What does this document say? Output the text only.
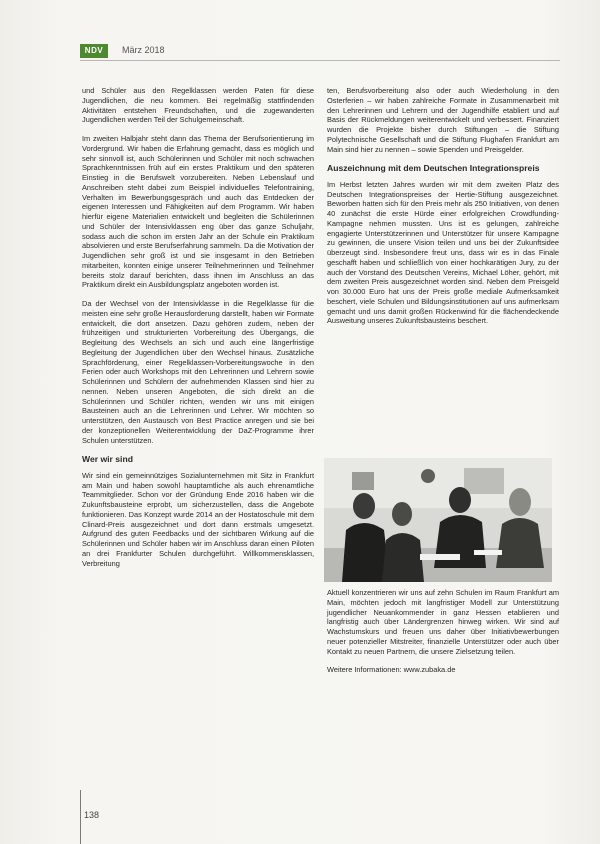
NDV	März 2018

und Schüler aus den Regelklassen werden Paten für diese Jugendlichen, die neu kommen. Bei regelmäßig stattfindenden Aktivitäten entstehen Freundschaften, und die zugewanderten Jugendlichen werden Teil der Schulgemeinschaft.

Im zweiten Halbjahr steht dann das Thema der Berufsorientierung im Vordergrund. Wir haben die Erfahrung gemacht, dass es möglich und sehr sinnvoll ist, auch Schülerinnen und Schüler mit noch schwachen Sprachkenntnissen früh auf ein erstes Praktikum und den späteren Einstieg in die Berufswelt vorzubereiten. Neben Lebenslauf und Anschreiben steht dabei zum Beispiel individuelles Telefontraining, Verhalten im Bewerbungsgespräch und auch das Entdecken der eigenen Interessen und Fähigkeiten auf dem Programm. Wir haben hierfür eigene Materialien entwickelt und begleiten die Schülerinnen und Schüler der Intensivklassen eng über das ganze Schuljahr, sodass auch die schon im ersten Jahr an der Schule ein Praktikum absolvieren und erste Berufserfahrung sammeln. Da die Motivation der Jugendlichen sehr groß ist und sie insgesamt in den Betrieben mitarbeiten, konnten einige unserer Teilnehmerinnen und Teilnehmer bereits stolz darauf berichten, dass ihnen im Anschluss an das Praktikum direkt ein Ausbildungsplatz angeboten worden ist.

Da der Wechsel von der Intensivklasse in die Regelklasse für die meisten eine sehr große Herausforderung darstellt, haben wir Formate entwickelt, die dort ansetzen. Dazu gehören zudem, neben der frühzeitigen und strukturierten Vorbereitung des Übergangs, die Begleitung des Wechsels an sich und auch eine längerfristige Begleitung der Jugendlichen über den Wechsel hinaus. Zusätzliche Sprachförderung, einer Regelklassen-Vorbereitungswoche in den Ferien oder auch Workshops mit den Lehrerinnen und Lehrern sowie Schülerinnen und Schülern der aufnehmenden Klassen sind hier zu nennen. Neben unseren Angeboten, die sich direkt an die Schülerinnen und Schüler richten, wenden wir uns mit einigen Bausteinen auch an die Lehrerinnen und Lehrer. Wir möchten so unterstützen, den Austausch von Best Practice anregen und sie bei der konzeptionellen Weiterentwicklung der DaZ-Programme ihrer Schulen unterstützen.

Wer wir sind

Wir sind ein gemeinnütziges Sozialunternehmen mit Sitz in Frankfurt am Main und haben sowohl hauptamtliche als auch ehrenamtliche Teammitglieder. Schon vor der Gründung Ende 2016 haben wir die Zukunftsbausteine erprobt, um sicherzustellen, dass die Angebote funktionieren. Das Konzept wurde 2014 an der Hostatoschule mit dem Clinard-Preis ausgezeichnet und dort dann erstmals umgesetzt. Aufgrund des guten Feedbacks und der sichtbaren Wirkung auf die Schülerinnen und Schüler haben wir im Anschluss daran einen Piloten an drei Frankfurter Schulen durchgeführt. Willkommensklassen, Verbreitung

ten, Berufsvorbereitung also oder auch Wiederholung in den Osterferien – wir haben zahlreiche Formate in Zusammenarbeit mit den Lehrerinnen und Lehrern und der Jugendhilfe etabliert und auf Basis der Rückmeldungen weiterentwickelt und verbessert. Finanziert wurden die Projekte bisher durch Stiftungen – die Stiftung Polytechnische Gesellschaft und die Stiftung Flughafen Frankfurt am Main sind hier zu nennen – sowie Spenden und Preisgelder.

Auszeichnung mit dem Deutschen Integrationspreis

Im Herbst letzten Jahres wurden wir mit dem zweiten Platz des Deutschen Integrationspreises der Hertie-Stiftung ausgezeichnet. Beworben hatten sich für den Preis mehr als 250 Initiativen, von denen 40 zunächst die erste Hürde einer erfolgreichen Crowdfunding-Kampagne nehmen mussten. Uns ist es gelungen, zahlreiche engagierte Unterstützerinnen und Unterstützer für unsere Kampagne zu gewinnen, die unsere Vision teilen und uns bei der Zukunftsidee überzeugt sind. Insbesondere freut uns, dass wir es in das Finale geschafft haben und schließlich von einer hochkarätigen Jury, zu der auch der Vorstand des Deutschen Vereins, Michael Löher, gehört, mit dem zweiten Preis ausgezeichnet worden sind. Neben dem Preisgeld von 30.000 Euro hat uns der Preis große mediale Aufmerksamkeit beschert, viele Schulen und Bildungsinstitutionen auf uns aufmerksam gemacht und uns damit großen Rückenwind für die flächendeckende Ausweitung unseres Zukunftsbausteins beschert.

Aktuell konzentrieren wir uns auf zehn Schulen im Raum Frankfurt am Main, möchten jedoch mit langfristiger Modell zur Unterstützung jugendlicher Neuankommender in ganz Hessen etablieren und langfristig auch über Ländergrenzen hinweg wirken. Wir sind auf Wachstumskurs und freuen uns daher über Initiativbewerbungen neuer potenzieller Mitstreiter, finanzielle Unterstützer oder auch über Kontakt zu neuen Partnern, die unsere Zielsetzung teilen.

Weitere Informationen: www.zubaka.de

138
